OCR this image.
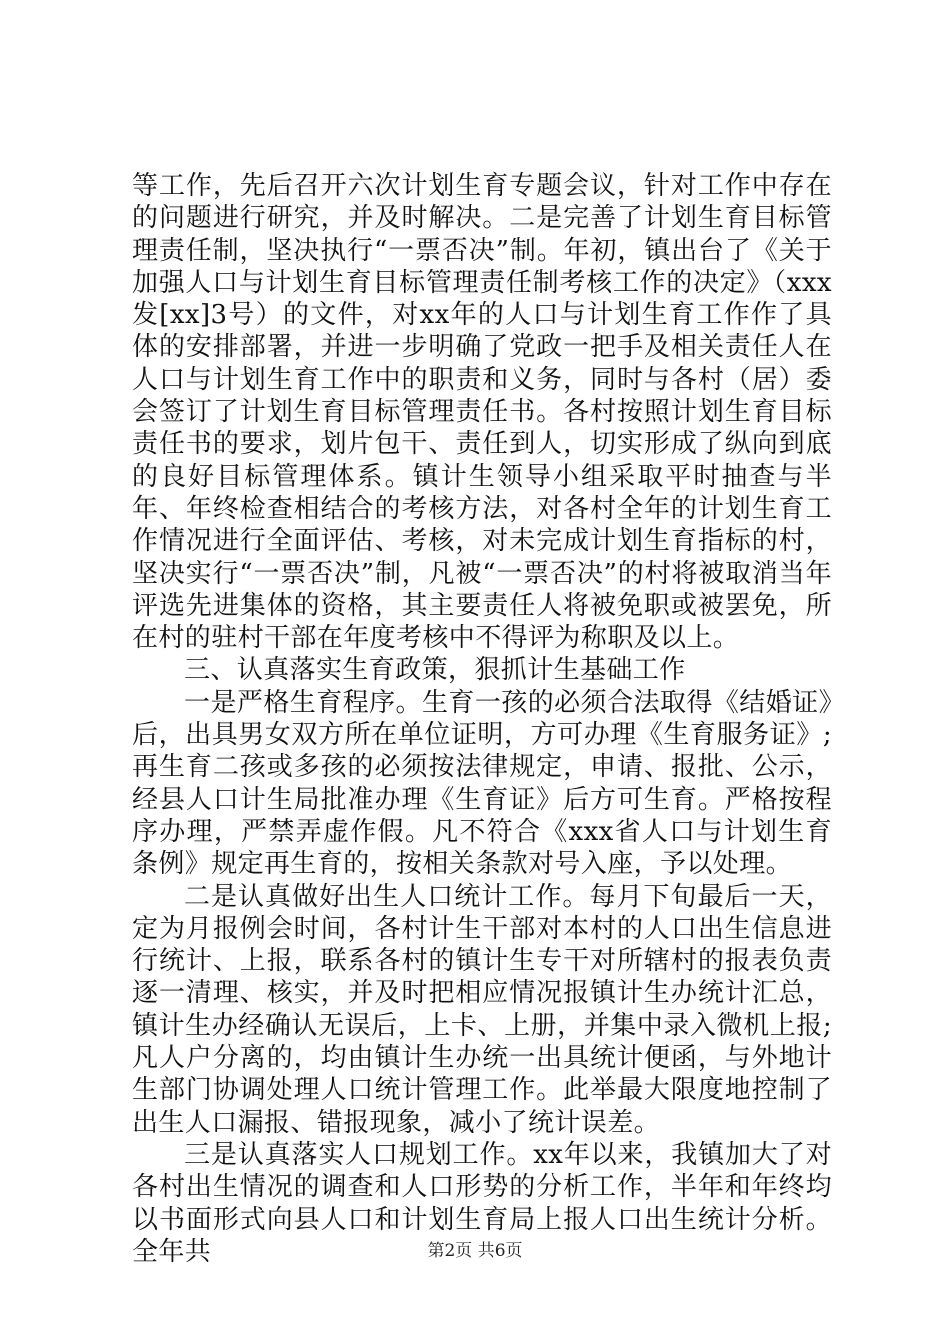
等工作，先后召开六次计划生育专题会议，针对工作中存在的问题进行研究，并及时解决。二是完善了计划生育目标管理责任制，坚决执行“一票否决”制。年初，镇出台了《关于加强人口与计划生育目标管理责任制考核工作的决定》（xxx发[xx]3号）的文件，对xx年的人口与计划生育工作作了具体的安排部署，并进一步明确了党政一把手及相关责任人在人口与计划生育工作中的职责和义务，同时与各村（居）委会签订了计划生育目标管理责任书。各村按照计划生育目标责任书的要求，划片包干、责任到人，切实形成了纵向到底的良好目标管理体系。镇计生领导小组采取平时抽查与半年、年终检查相结合的考核方法，对各村全年的计划生育工作情况进行全面评估、考核，对未完成计划生育指标的村，坚决实行“一票否决”制，凡被“一票否决”的村将被取消当年评选先进集体的资格，其主要责任人将被免职或被罢免，所在村的驻村干部在年度考核中不得评为称职及以上。

三、认真落实生育政策，狠抓计生基础工作

一是严格生育程序。生育一孩的必须合法取得《结婚证》后，出具男女双方所在单位证明，方可办理《生育服务证》;再生育二孩或多孩的必须按法律规定，申请、报批、公示，经县人口计生局批准办理《生育证》后方可生育。严格按程序办理，严禁弄虚作假。凡不符合《xxx省人口与计划生育条例》规定再生育的，按相关条款对号入座，予以处理。

二是认真做好出生人口统计工作。每月下旬最后一天，定为月报例会时间，各村计生干部对本村的人口出生信息进行统计、上报，联系各村的镇计生专干对所辖村的报表负责逐一清理、核实，并及时把相应情况报镇计生办统计汇总，镇计生办经确认无误后，上卡、上册，并集中录入微机上报;凡人户分离的，均由镇计生办统一出具统计便函，与外地计生部门协调处理人口统计管理工作。此举最大限度地控制了出生人口漏报、错报现象，减小了统计误差。

三是认真落实人口规划工作。xx年以来，我镇加大了对各村出生情况的调查和人口形势的分析工作，半年和年终均以书面形式向县人口和计划生育局上报人口出生统计分析。全年共	第2页 共6页
